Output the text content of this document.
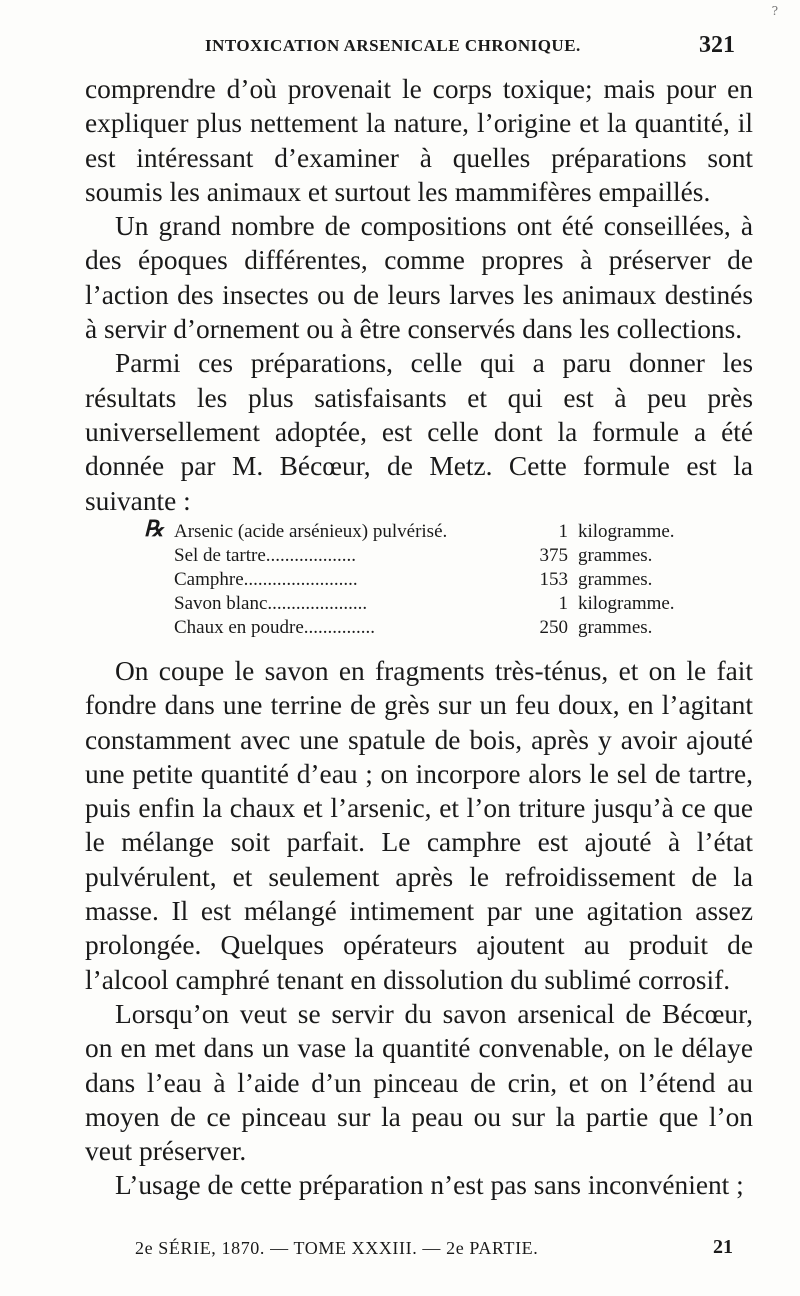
INTOXICATION ARSENICALE CHRONIQUE.	321
?

comprendre d’où provenait le corps toxique; mais pour en expliquer plus nettement la nature, l’origine et la quantité, il est intéressant d’examiner à quelles préparations sont soumis les animaux et surtout les mammifères empaillés.

Un grand nombre de compositions ont été conseillées, à des époques différentes, comme propres à préserver de l’action des insectes ou de leurs larves les animaux destinés à servir d’ornement ou à être conservés dans les collections.

Parmi ces préparations, celle qui a paru donner les résultats les plus satisfaisants et qui est à peu près universellement adoptée, est celle dont la formule a été donnée par M. Bécœur, de Metz. Cette formule est la suivante :

℞ Arsenic (acide arsénieux) pulvérisé.	1 kilogramme.
Sel de tartre...................	375 grammes.
Camphre........................	153 grammes.
Savon blanc.....................	1 kilogramme.
Chaux en poudre...............	250 grammes.

On coupe le savon en fragments très-ténus, et on le fait fondre dans une terrine de grès sur un feu doux, en l’agitant constamment avec une spatule de bois, après y avoir ajouté une petite quantité d’eau ; on incorpore alors le sel de tartre, puis enfin la chaux et l’arsenic, et l’on triture jusqu’à ce que le mélange soit parfait. Le camphre est ajouté à l’état pulvérulent, et seulement après le refroidissement de la masse. Il est mélangé intimement par une agitation assez prolongée. Quelques opérateurs ajoutent au produit de l’alcool camphré tenant en dissolution du sublimé corrosif.

Lorsqu’on veut se servir du savon arsenical de Bécœur, on en met dans un vase la quantité convenable, on le délaye dans l’eau à l’aide d’un pinceau de crin, et on l’étend au moyen de ce pinceau sur la peau ou sur la partie que l’on veut préserver.

L’usage de cette préparation n’est pas sans inconvénient ;

2e SÉRIE, 1870. — TOME XXXIII. — 2e PARTIE.	21
